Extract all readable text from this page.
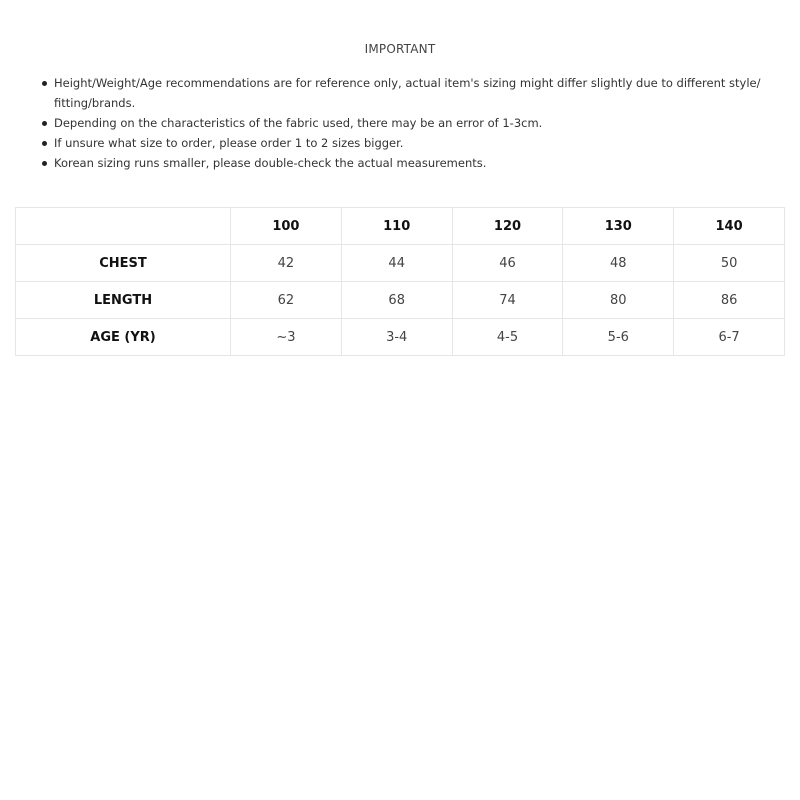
IMPORTANT
Height/Weight/Age recommendations are for reference only, actual item's sizing might differ slightly due to different style/
fitting/brands.
Depending on the characteristics of the fabric used, there may be an error of 1-3cm.
If unsure what size to order, please order 1 to 2 sizes bigger.
Korean sizing runs smaller, please double-check the actual measurements.
	100	110	120	130	140
CHEST	42	44	46	48	50
LENGTH	62	68	74	80	86
AGE (YR)	~3	3-4	4-5	5-6	6-7
